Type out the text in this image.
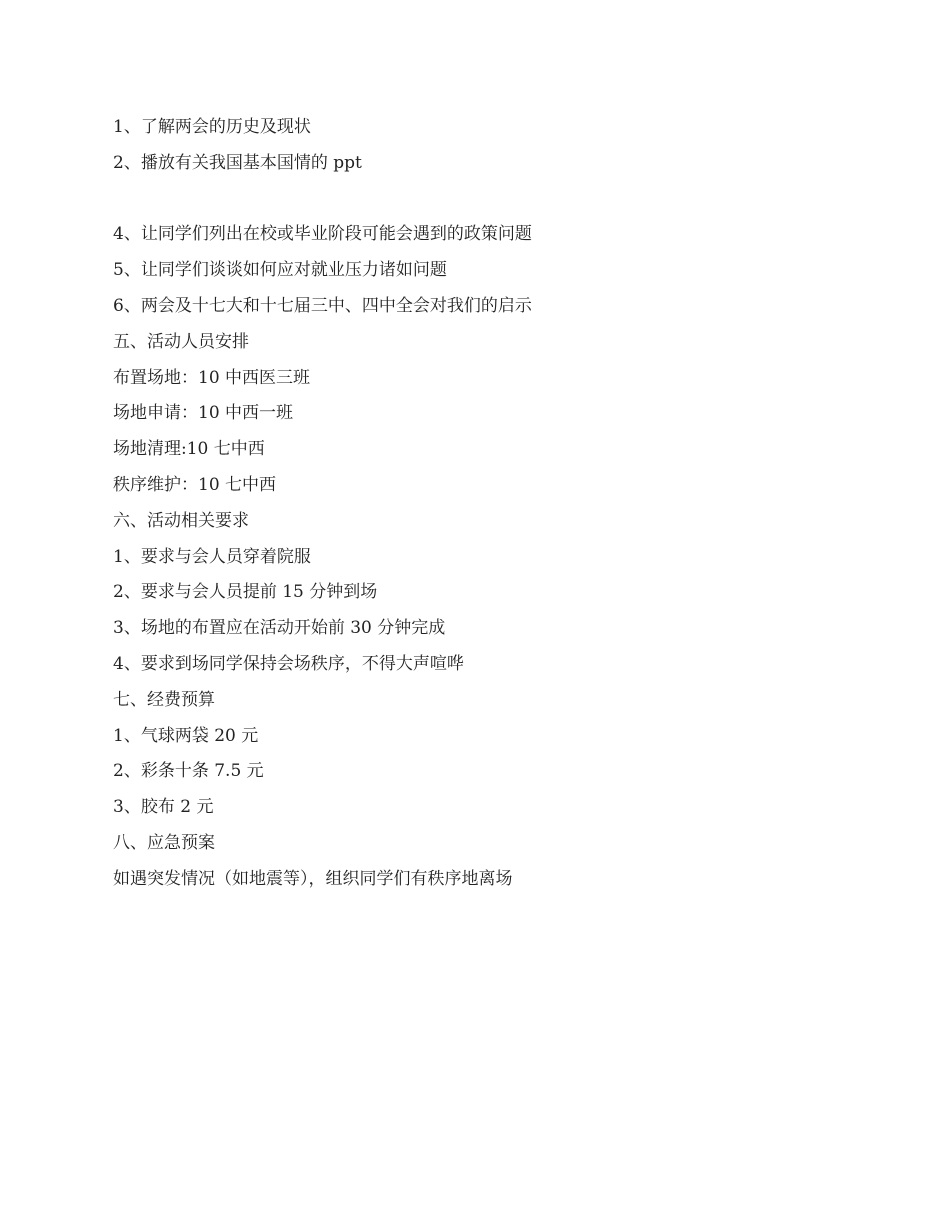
1、了解两会的历史及现状
2、播放有关我国基本国情的 ppt
4、让同学们列出在校或毕业阶段可能会遇到的政策问题
5、让同学们谈谈如何应对就业压力诸如问题
6、两会及十七大和十七届三中、四中全会对我们的启示
五、活动人员安排
布置场地：10 中西医三班
场地申请：10 中西一班
场地清理:10 七中西
秩序维护：10 七中西
六、活动相关要求
1、要求与会人员穿着院服
2、要求与会人员提前 15 分钟到场
3、场地的布置应在活动开始前 30 分钟完成
4、要求到场同学保持会场秩序，不得大声喧哗
七、经费预算
1、气球两袋 20 元
2、彩条十条 7.5 元
3、胶布 2 元
八、应急预案
如遇突发情况（如地震等），组织同学们有秩序地离场
